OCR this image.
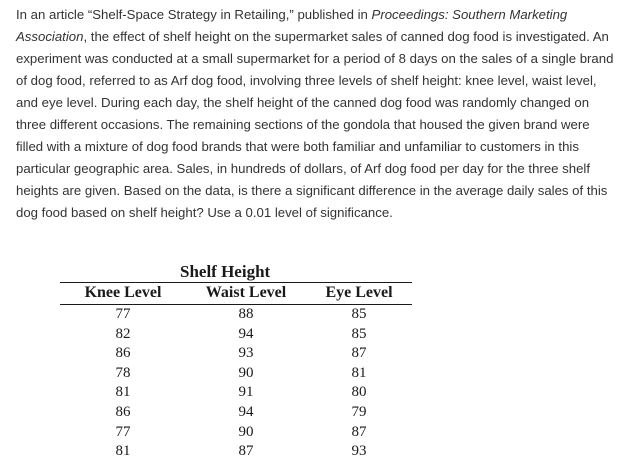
In an article “Shelf-Space Strategy in Retailing,” published in Proceedings: Southern Marketing Association, the effect of shelf height on the supermarket sales of canned dog food is investigated. An experiment was conducted at a small supermarket for a period of 8 days on the sales of a single brand of dog food, referred to as Arf dog food, involving three levels of shelf height: knee level, waist level, and eye level. During each day, the shelf height of the canned dog food was randomly changed on three different occasions. The remaining sections of the gondola that housed the given brand were filled with a mixture of dog food brands that were both familiar and unfamiliar to customers in this particular geographic area. Sales, in hundreds of dollars, of Arf dog food per day for the three shelf heights are given. Based on the data, is there a significant difference in the average daily sales of this dog food based on shelf height? Use a 0.01 level of significance.

Shelf Height
Knee Level	Waist Level	Eye Level
77	88	85
82	94	85
86	93	87
78	90	81
81	91	80
86	94	79
77	90	87
81	87	93
